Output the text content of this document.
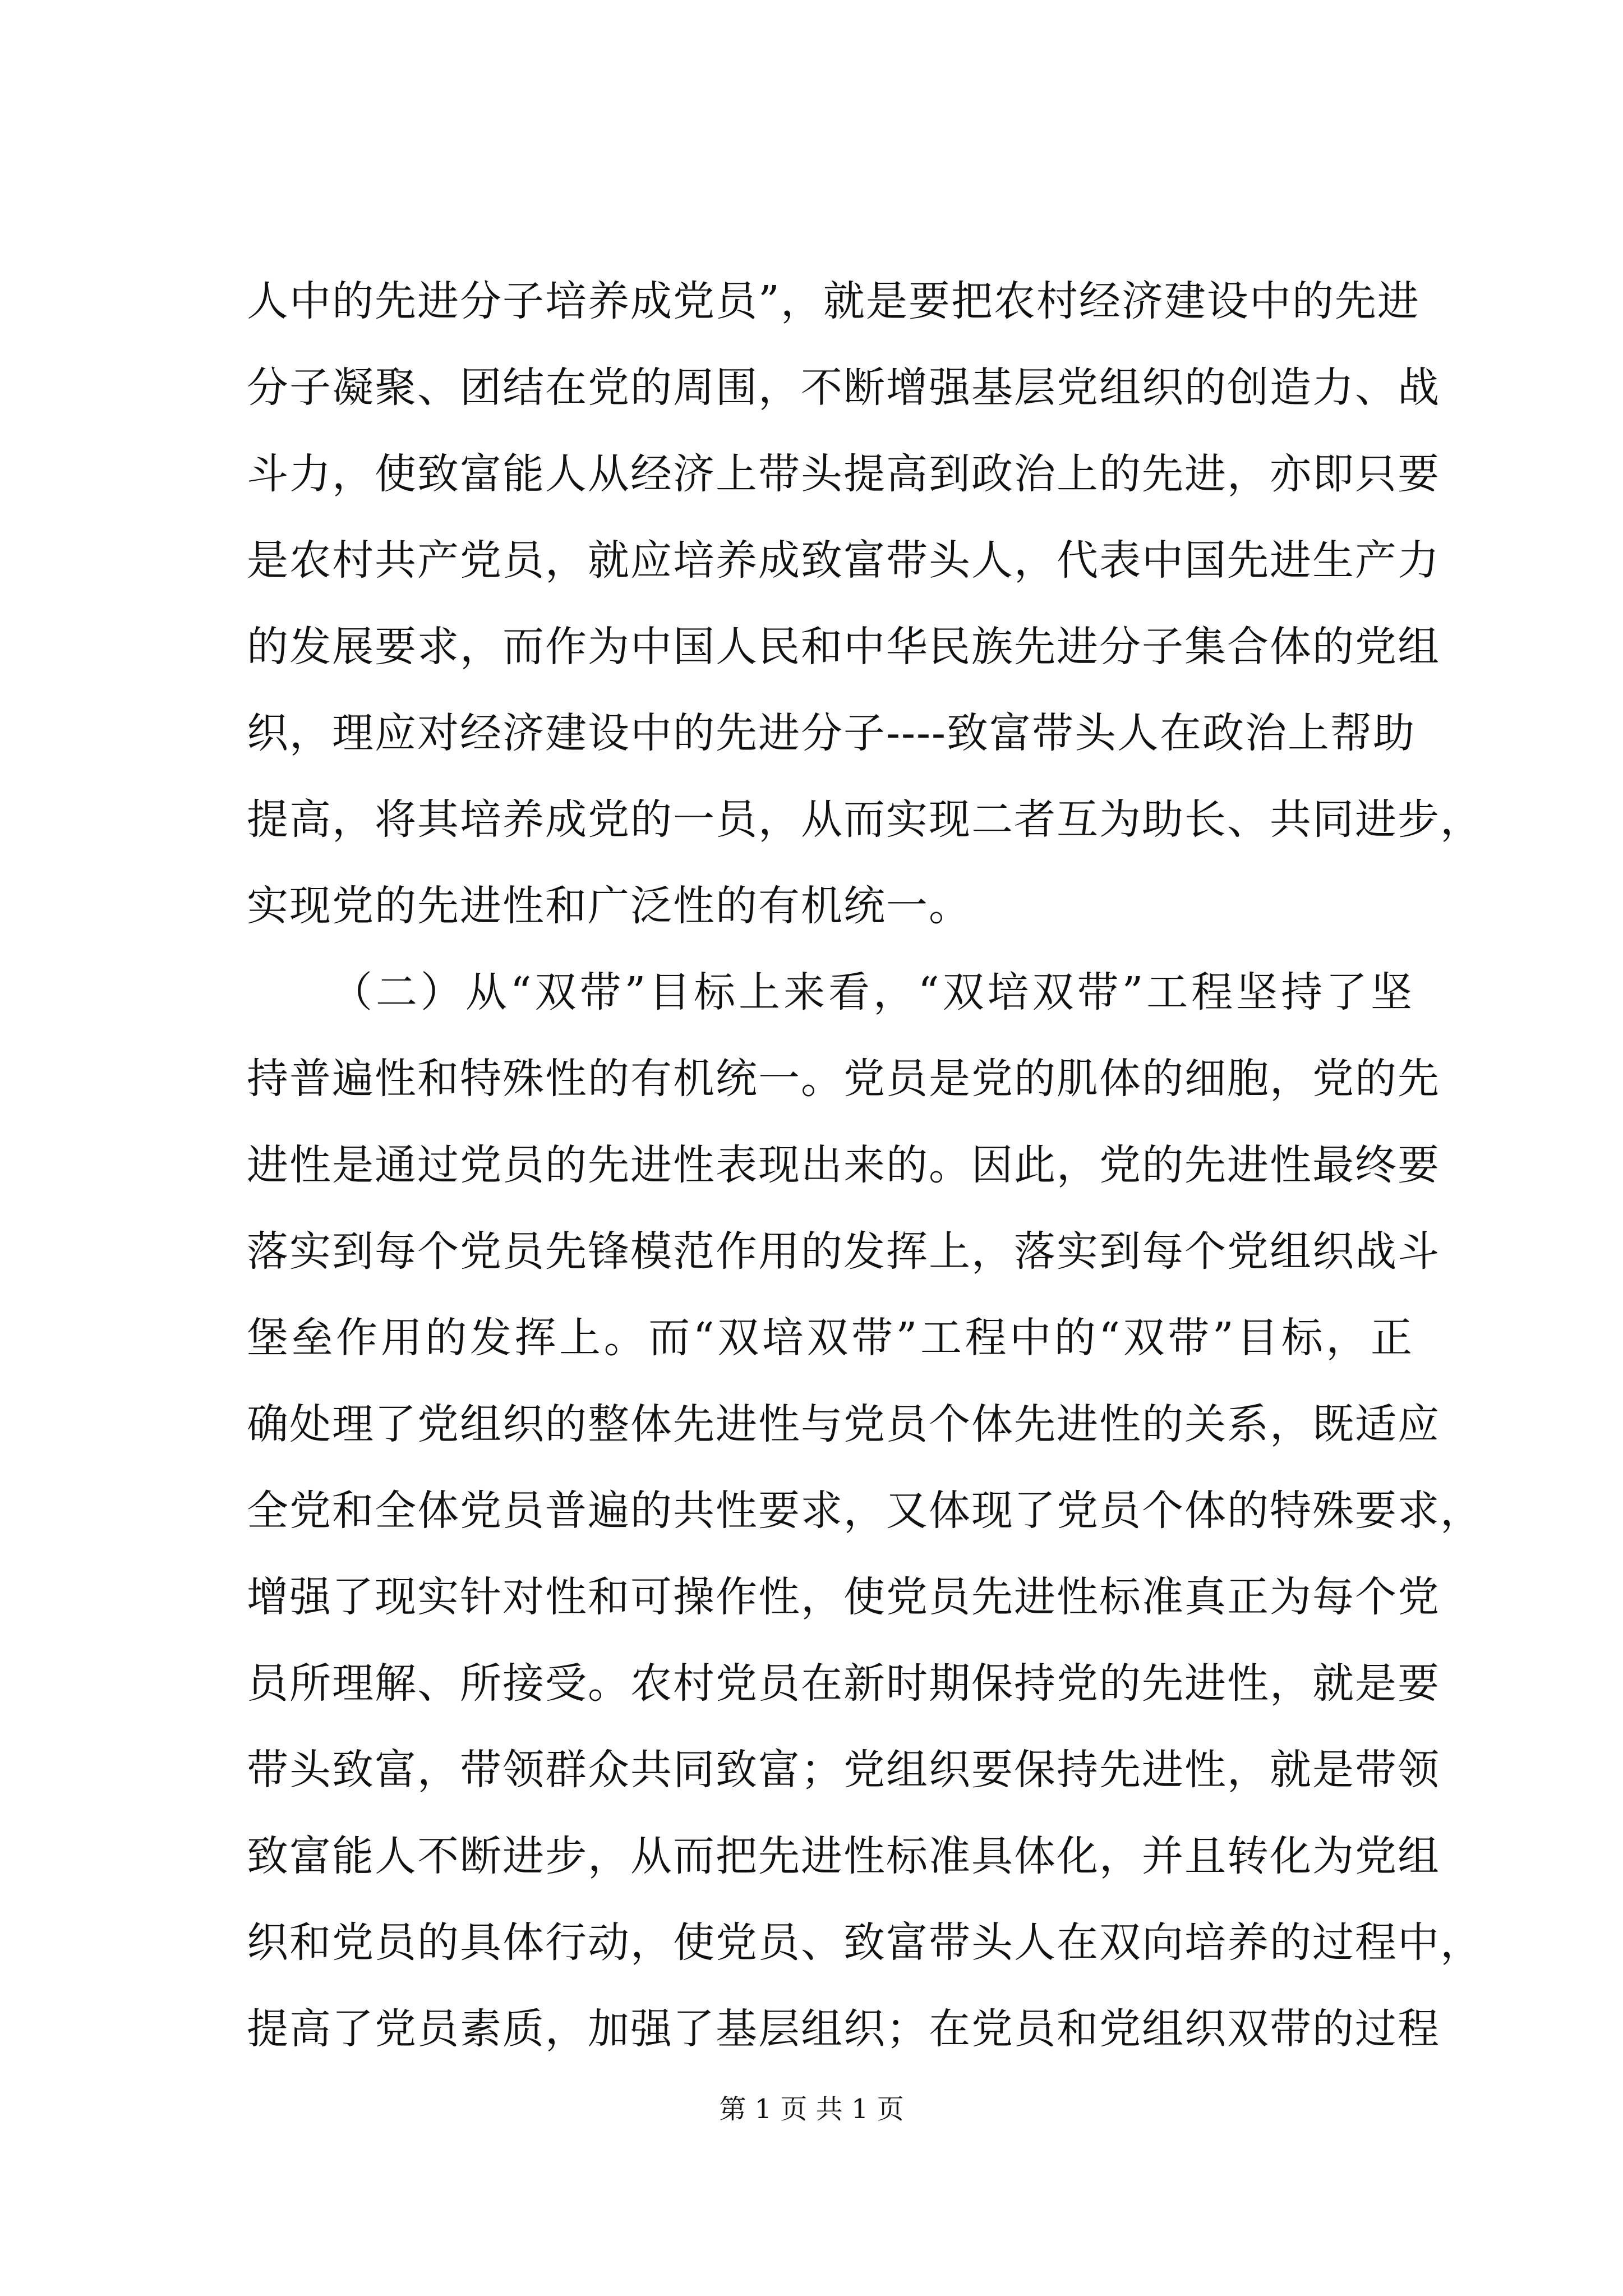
人中的先进分子培养成党员”，就是要把农村经济建设中的先进
分子凝聚、团结在党的周围，不断增强基层党组织的创造力、战
斗力，使致富能人从经济上带头提高到政治上的先进，亦即只要
是农村共产党员，就应培养成致富带头人，代表中国先进生产力
的发展要求，而作为中国人民和中华民族先进分子集合体的党组
织，理应对经济建设中的先进分子----致富带头人在政治上帮助
提高，将其培养成党的一员，从而实现二者互为助长、共同进步，
实现党的先进性和广泛性的有机统一。
（二）从“双带”目标上来看，“双培双带”工程坚持了坚
持普遍性和特殊性的有机统一。党员是党的肌体的细胞，党的先
进性是通过党员的先进性表现出来的。因此，党的先进性最终要
落实到每个党员先锋模范作用的发挥上，落实到每个党组织战斗
堡垒作用的发挥上。而“双培双带”工程中的“双带”目标，正
确处理了党组织的整体先进性与党员个体先进性的关系，既适应
全党和全体党员普遍的共性要求，又体现了党员个体的特殊要求，
增强了现实针对性和可操作性，使党员先进性标准真正为每个党
员所理解、所接受。农村党员在新时期保持党的先进性，就是要
带头致富，带领群众共同致富；党组织要保持先进性，就是带领
致富能人不断进步，从而把先进性标准具体化，并且转化为党组
织和党员的具体行动，使党员、致富带头人在双向培养的过程中，
提高了党员素质，加强了基层组织；在党员和党组织双带的过程
第 1 页 共 1 页
